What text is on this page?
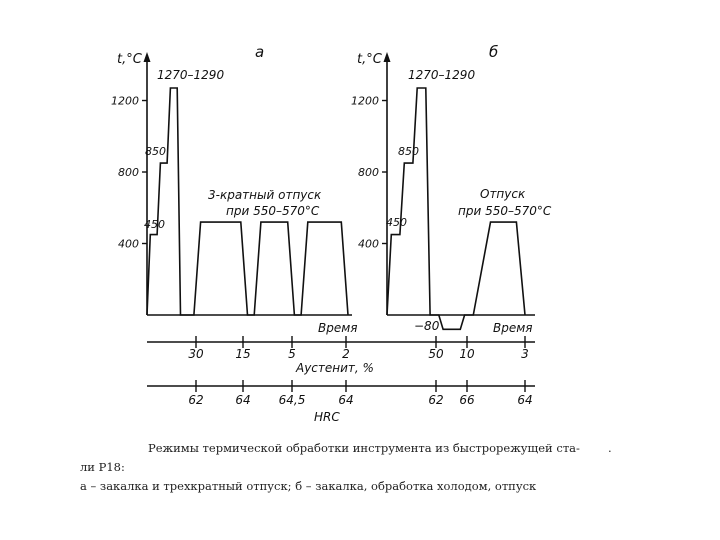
t,°C	а
Время
1270–1290
450
850
3-кратный отпуск
при 550–570°С
400
800
1200
t,°C	б
Время
1270–1290
450
850
−80
Отпуск
при 550–570°С
400
800
1200
Аустенит, %
30	15	5	2	50 10	3
HRC
62	64 64,5	64	62 66	64
Режимы термической обработки инструмента из быстрорежущей ста- .
ли Р18:
а – закалка и трехкратный отпуск; б – закалка, обработка холодом, отпуск
